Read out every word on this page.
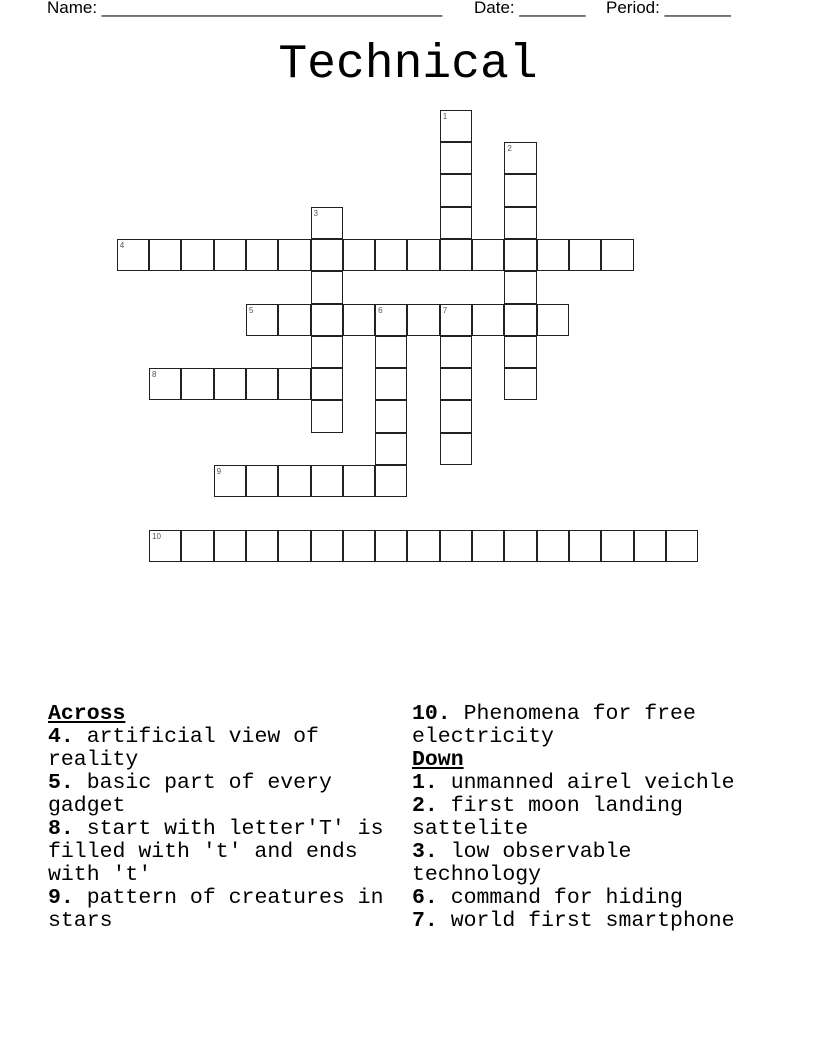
Name: ____________________________________ Date: _______ Period: _______
Technical
1
2
3
4
5	6	7
8
9
10
Across

4. artificial view of reality

5. basic part of every gadget

8. start with letter'T' is filled with 't' and ends with 't'

9. pattern of creatures in stars

10. Phenomena for free electricity

Down

1. unmanned airel veichle

2. first moon landing sattelite

3. low observable technology

6. command for hiding

7. world first smartphone
